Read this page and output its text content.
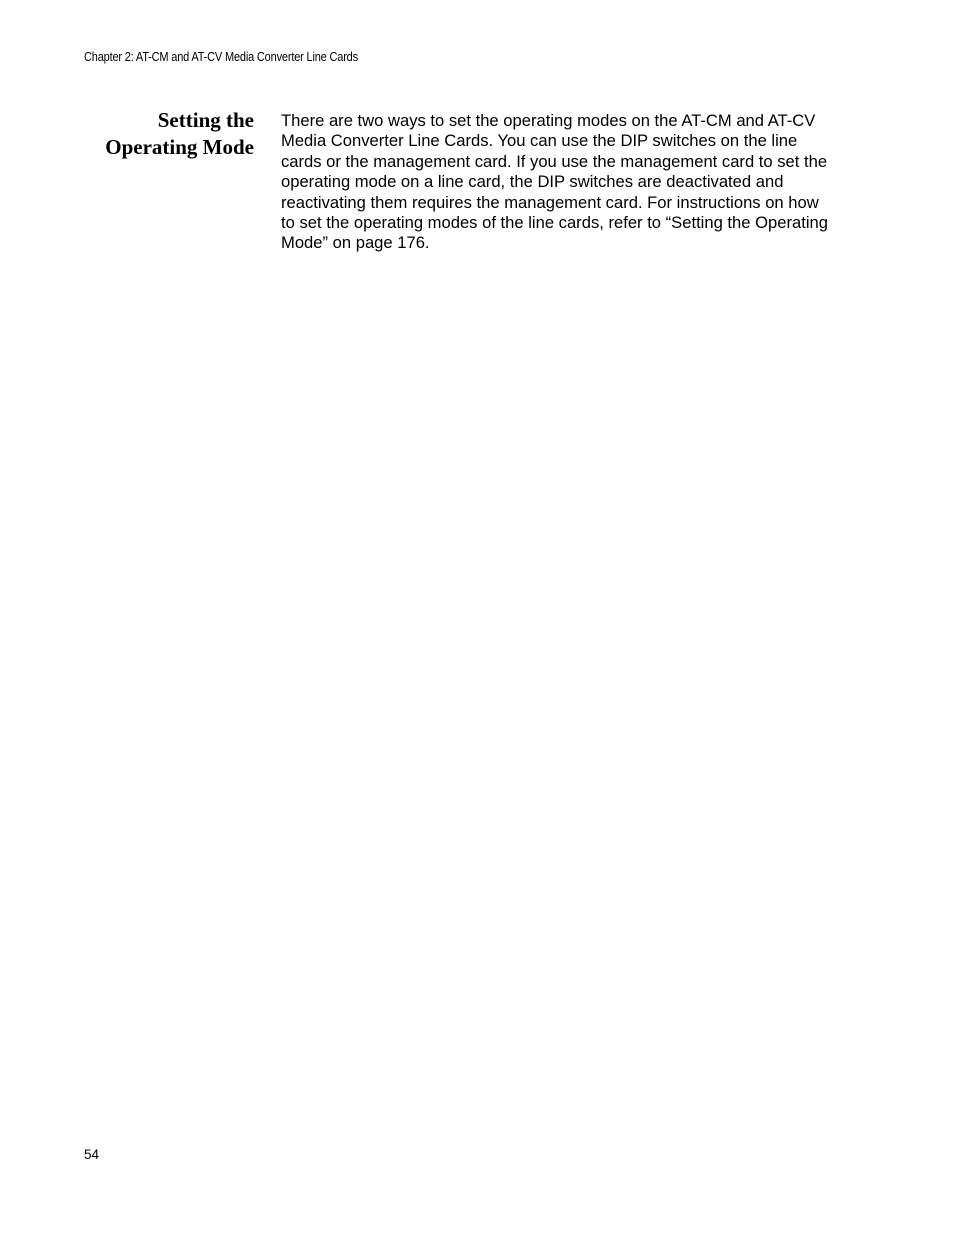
Chapter 2: AT-CM and AT-CV Media Converter Line Cards
Setting the
Operating Mode
There are two ways to set the operating modes on the AT-CM and AT-CV
Media Converter Line Cards. You can use the DIP switches on the line
cards or the management card. If you use the management card to set the
operating mode on a line card, the DIP switches are deactivated and
reactivating them requires the management card. For instructions on how
to set the operating modes of the line cards, refer to “Setting the Operating
Mode” on page 176.
54
